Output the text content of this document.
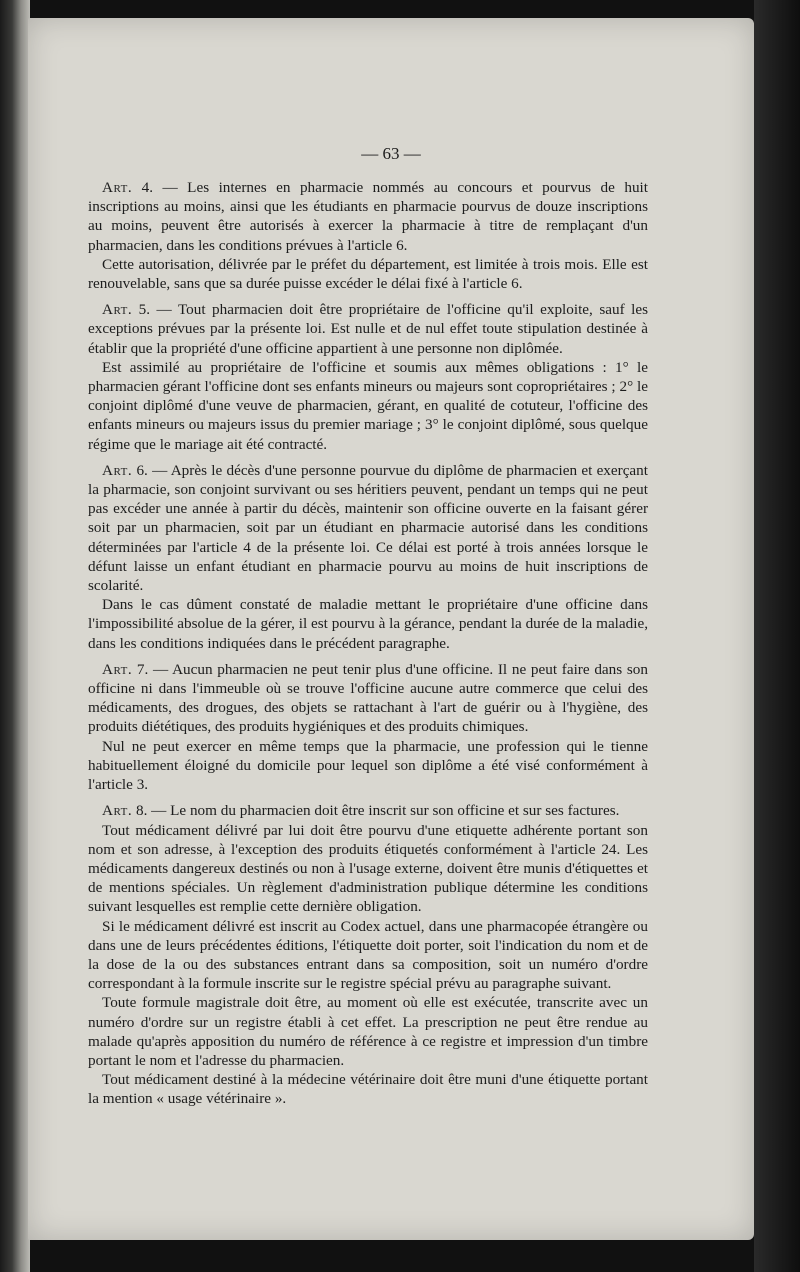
— 63 —

Art. 4. — Les internes en pharmacie nommés au concours et pourvus de huit inscriptions au moins, ainsi que les étudiants en pharmacie pourvus de douze inscriptions au moins, peuvent être autorisés à exercer la pharmacie à titre de remplaçant d'un pharmacien, dans les conditions prévues à l'article 6.

Cette autorisation, délivrée par le préfet du département, est limitée à trois mois. Elle est renouvelable, sans que sa durée puisse excéder le délai fixé à l'article 6.

Art. 5. — Tout pharmacien doit être propriétaire de l'officine qu'il exploite, sauf les exceptions prévues par la présente loi. Est nulle et de nul effet toute stipulation destinée à établir que la propriété d'une officine appartient à une personne non diplômée.

Est assimilé au propriétaire de l'officine et soumis aux mêmes obligations : 1° le pharmacien gérant l'officine dont ses enfants mineurs ou majeurs sont copropriétaires ; 2° le conjoint diplômé d'une veuve de pharmacien, gérant, en qualité de cotuteur, l'officine des enfants mineurs ou majeurs issus du premier mariage ; 3° le conjoint diplômé, sous quelque régime que le mariage ait été contracté.

Art. 6. — Après le décès d'une personne pourvue du diplôme de pharmacien et exerçant la pharmacie, son conjoint survivant ou ses héritiers peuvent, pendant un temps qui ne peut pas excéder une année à partir du décès, maintenir son officine ouverte en la faisant gérer soit par un pharmacien, soit par un étudiant en pharmacie autorisé dans les conditions déterminées par l'article 4 de la présente loi. Ce délai est porté à trois années lorsque le défunt laisse un enfant étudiant en pharmacie pourvu au moins de huit inscriptions de scolarité.

Dans le cas dûment constaté de maladie mettant le propriétaire d'une officine dans l'impossibilité absolue de la gérer, il est pourvu à la gérance, pendant la durée de la maladie, dans les conditions indiquées dans le précédent paragraphe.

Art. 7. — Aucun pharmacien ne peut tenir plus d'une officine. Il ne peut faire dans son officine ni dans l'immeuble où se trouve l'officine aucune autre commerce que celui des médicaments, des drogues, des objets se rattachant à l'art de guérir ou à l'hygiène, des produits diététiques, des produits hygiéniques et des produits chimiques.

Nul ne peut exercer en même temps que la pharmacie, une profession qui le tienne habituellement éloigné du domicile pour lequel son diplôme a été visé conformément à l'article 3.

Art. 8. — Le nom du pharmacien doit être inscrit sur son officine et sur ses factures.

Tout médicament délivré par lui doit être pourvu d'une etiquette adhérente portant son nom et son adresse, à l'exception des produits étiquetés conformément à l'article 24. Les médicaments dangereux destinés ou non à l'usage externe, doivent être munis d'étiquettes et de mentions spéciales. Un règlement d'administration publique détermine les conditions suivant lesquelles est remplie cette dernière obligation.

Si le médicament délivré est inscrit au Codex actuel, dans une pharmacopée étrangère ou dans une de leurs précédentes éditions, l'étiquette doit porter, soit l'indication du nom et de la dose de la ou des substances entrant dans sa composition, soit un numéro d'ordre correspondant à la formule inscrite sur le registre spécial prévu au paragraphe suivant.

Toute formule magistrale doit être, au moment où elle est exécutée, transcrite avec un numéro d'ordre sur un registre établi à cet effet. La prescription ne peut être rendue au malade qu'après apposition du numéro de référence à ce registre et impression d'un timbre portant le nom et l'adresse du pharmacien.

Tout médicament destiné à la médecine vétérinaire doit être muni d'une étiquette portant la mention « usage vétérinaire ».
